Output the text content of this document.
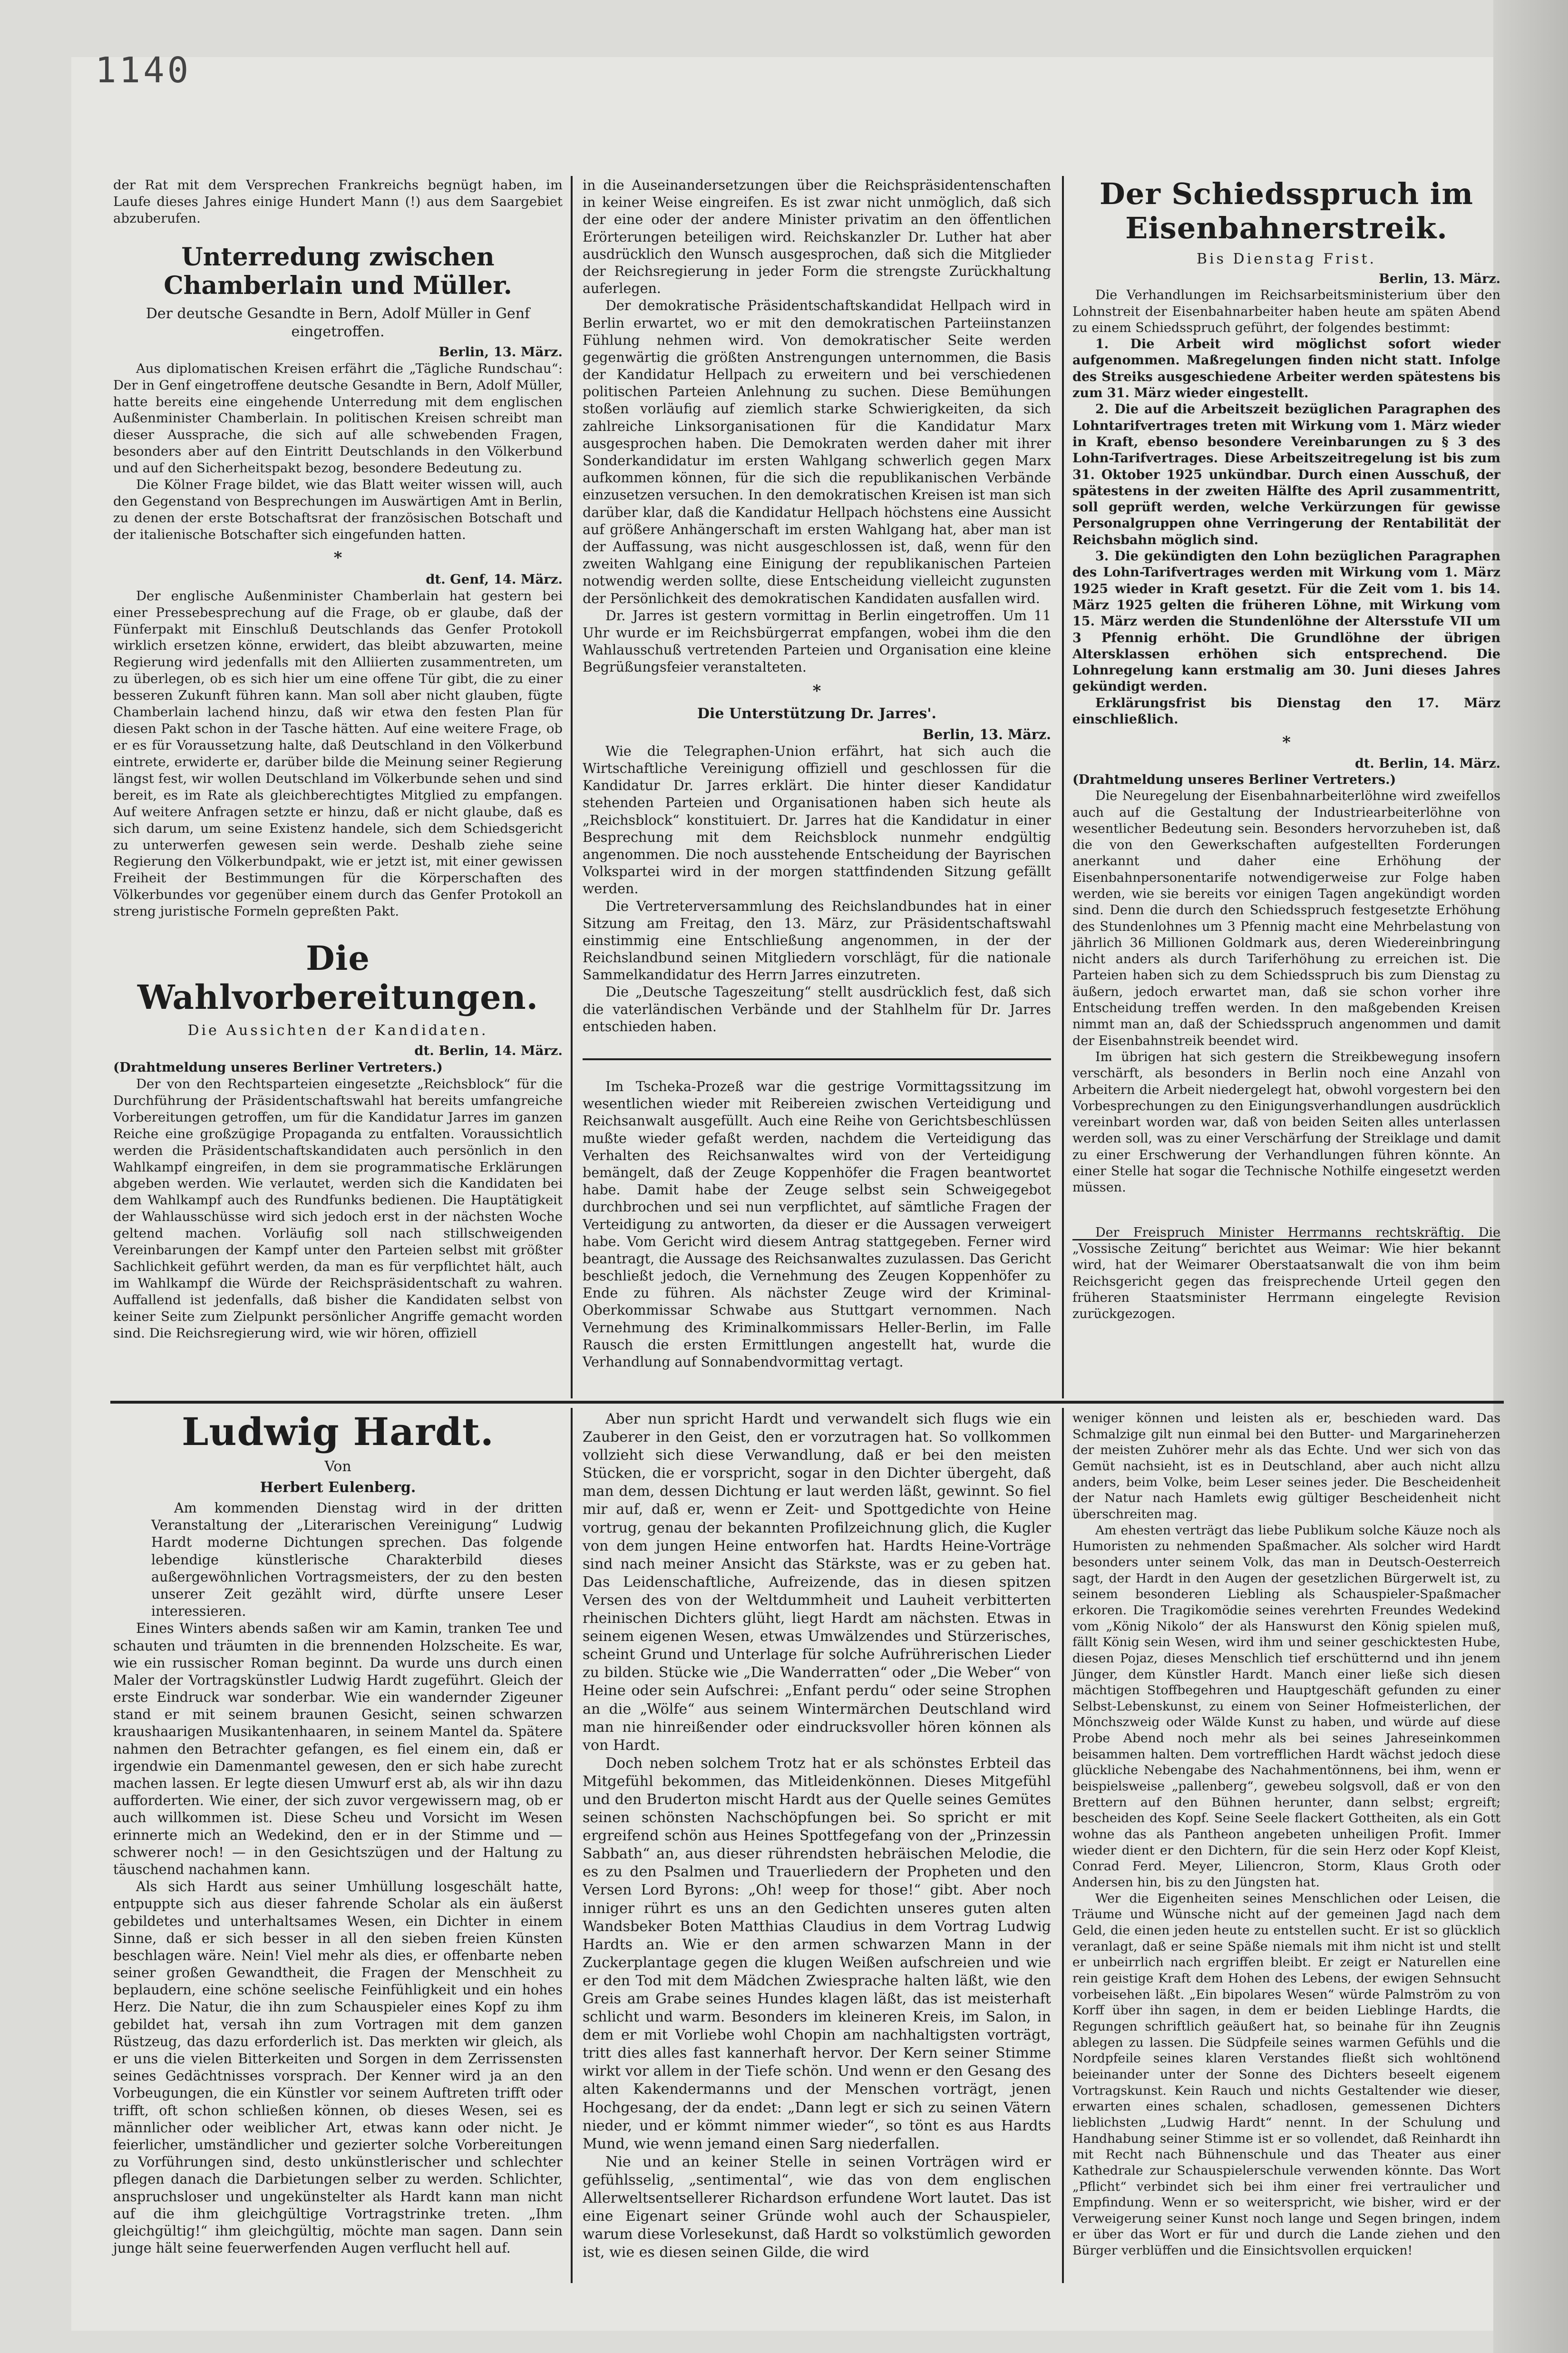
1140

der Rat mit dem Versprechen Frankreichs begnügt haben, im Laufe dieses Jahres einige Hundert Mann (!) aus dem Saargebiet abzuberufen.

Unterredung zwischen Chamberlain und Müller.
Der deutsche Gesandte in Bern, Adolf Müller in Genf eingetroffen.

Berlin, 13. März.

Aus diplomatischen Kreisen erfährt die „Tägliche Rundschau“: Der in Genf eingetroffene deutsche Gesandte in Bern, Adolf Müller, hatte bereits eine eingehende Unterredung mit dem englischen Außenminister Chamberlain. In politischen Kreisen schreibt man dieser Aussprache, die sich auf alle schwebenden Fragen, besonders aber auf den Eintritt Deutschlands in den Völkerbund und auf den Sicherheitspakt bezog, besondere Bedeutung zu.

Die Kölner Frage bildet, wie das Blatt weiter wissen will, auch den Gegenstand von Besprechungen im Auswärtigen Amt in Berlin, zu denen der erste Botschaftsrat der französischen Botschaft und der italienische Botschafter sich eingefunden hatten.

*

dt. Genf, 14. März.

Der englische Außenminister Chamberlain hat gestern bei einer Pressebesprechung auf die Frage, ob er glaube, daß der Fünferpakt mit Einschluß Deutschlands das Genfer Protokoll wirklich ersetzen könne, erwidert, das bleibt abzuwarten, meine Regierung wird jedenfalls mit den Alliierten zusammentreten, um zu überlegen, ob es sich hier um eine offene Tür gibt, die zu einer besseren Zukunft führen kann. Man soll aber nicht glauben, fügte Chamberlain lachend hinzu, daß wir etwa den festen Plan für diesen Pakt schon in der Tasche hätten. Auf eine weitere Frage, ob er es für Voraussetzung halte, daß Deutschland in den Völkerbund eintrete, erwiderte er, darüber bilde die Meinung seiner Regierung längst fest, wir wollen Deutschland im Völkerbunde sehen und sind bereit, es im Rate als gleichberechtigtes Mitglied zu empfangen. Auf weitere Anfragen setzte er hinzu, daß er nicht glaube, daß es sich darum, um seine Existenz handele, sich dem Schiedsgericht zu unterwerfen gewesen sein werde. Deshalb ziehe seine Regierung den Völkerbundpakt, wie er jetzt ist, mit einer gewissen Freiheit der Bestimmungen für die Körperschaften des Völkerbundes vor gegenüber einem durch das Genfer Protokoll an streng juristische Formeln gepreßten Pakt.

Die Wahlvorbereitungen.
Die Aussichten der Kandidaten.

dt. Berlin, 14. März.

(Drahtmeldung unseres Berliner Vertreters.)

Der von den Rechtsparteien eingesetzte „Reichsblock“ für die Durchführung der Präsidentschaftswahl hat bereits umfangreiche Vorbereitungen getroffen, um für die Kandidatur Jarres im ganzen Reiche eine großzügige Propaganda zu entfalten. Voraussichtlich werden die Präsidentschaftskandidaten auch persönlich in den Wahlkampf eingreifen, in dem sie programmatische Erklärungen abgeben werden. Wie verlautet, werden sich die Kandidaten bei dem Wahlkampf auch des Rundfunks bedienen. Die Hauptätigkeit der Wahlausschüsse wird sich jedoch erst in der nächsten Woche geltend machen. Vorläufig soll nach stillschweigenden Vereinbarungen der Kampf unter den Parteien selbst mit größter Sachlichkeit geführt werden, da man es für verpflichtet hält, auch im Wahlkampf die Würde der Reichspräsidentschaft zu wahren. Auffallend ist jedenfalls, daß bisher die Kandidaten selbst von keiner Seite zum Zielpunkt persönlicher Angriffe gemacht worden sind. Die Reichsregierung wird, wie wir hören, offiziell

in die Auseinandersetzungen über die Reichspräsidentenschaften in keiner Weise eingreifen. Es ist zwar nicht unmöglich, daß sich der eine oder der andere Minister privatim an den öffentlichen Erörterungen beteiligen wird. Reichskanzler Dr. Luther hat aber ausdrücklich den Wunsch ausgesprochen, daß sich die Mitglieder der Reichsregierung in jeder Form die strengste Zurückhaltung auferlegen.

Der demokratische Präsidentschaftskandidat Hellpach wird in Berlin erwartet, wo er mit den demokratischen Parteiinstanzen Fühlung nehmen wird. Von demokratischer Seite werden gegenwärtig die größten Anstrengungen unternommen, die Basis der Kandidatur Hellpach zu erweitern und bei verschiedenen politischen Parteien Anlehnung zu suchen. Diese Bemühungen stoßen vorläufig auf ziemlich starke Schwierigkeiten, da sich zahlreiche Linksorganisationen für die Kandidatur Marx ausgesprochen haben. Die Demokraten werden daher mit ihrer Sonderkandidatur im ersten Wahlgang schwerlich gegen Marx aufkommen können, für die sich die republikanischen Verbände einzusetzen versuchen. In den demokratischen Kreisen ist man sich darüber klar, daß die Kandidatur Hellpach höchstens eine Aussicht auf größere Anhängerschaft im ersten Wahlgang hat, aber man ist der Auffassung, was nicht ausgeschlossen ist, daß, wenn für den zweiten Wahlgang eine Einigung der republikanischen Parteien notwendig werden sollte, diese Entscheidung vielleicht zugunsten der Persönlichkeit des demokratischen Kandidaten ausfallen wird.

Dr. Jarres ist gestern vormittag in Berlin eingetroffen. Um 11 Uhr wurde er im Reichsbürgerrat empfangen, wobei ihm die den Wahlausschuß vertretenden Parteien und Organisation eine kleine Begrüßungsfeier veranstalteten.

*

Die Unterstützung Dr. Jarres'.

Berlin, 13. März.

Wie die Telegraphen-Union erfährt, hat sich auch die Wirtschaftliche Vereinigung offiziell und geschlossen für die Kandidatur Dr. Jarres erklärt. Die hinter dieser Kandidatur stehenden Parteien und Organisationen haben sich heute als „Reichsblock“ konstituiert. Dr. Jarres hat die Kandidatur in einer Besprechung mit dem Reichsblock nunmehr endgültig angenommen. Die noch ausstehende Entscheidung der Bayrischen Volkspartei wird in der morgen stattfindenden Sitzung gefällt werden.

Die Vertreterversammlung des Reichslandbundes hat in einer Sitzung am Freitag, den 13. März, zur Präsidentschaftswahl einstimmig eine Entschließung angenommen, in der der Reichslandbund seinen Mitgliedern vorschlägt, für die nationale Sammelkandidatur des Herrn Jarres einzutreten.

Die „Deutsche Tageszeitung“ stellt ausdrücklich fest, daß sich die vaterländischen Verbände und der Stahlhelm für Dr. Jarres entschieden haben.

Im Tscheka-Prozeß war die gestrige Vormittagssitzung im wesentlichen wieder mit Reibereien zwischen Verteidigung und Reichsanwalt ausgefüllt. Auch eine Reihe von Gerichtsbeschlüssen mußte wieder gefaßt werden, nachdem die Verteidigung das Verhalten des Reichsanwaltes wird von der Verteidigung bemängelt, daß der Zeuge Koppenhöfer die Fragen beantwortet habe. Damit habe der Zeuge selbst sein Schweigegebot durchbrochen und sei nun verpflichtet, auf sämtliche Fragen der Verteidigung zu antworten, da dieser er die Aussagen verweigert habe. Vom Gericht wird diesem Antrag stattgegeben. Ferner wird beantragt, die Aussage des Reichsanwaltes zuzulassen. Das Gericht beschließt jedoch, die Vernehmung des Zeugen Koppenhöfer zu Ende zu führen. Als nächster Zeuge wird der Kriminal-Oberkommissar Schwabe aus Stuttgart vernommen. Nach Vernehmung des Kriminalkommissars Heller-Berlin, im Falle Rausch die ersten Ermittlungen angestellt hat, wurde die Verhandlung auf Sonnabendvormittag vertagt.

Der Schiedsspruch im Eisenbahnerstreik.
Bis Dienstag Frist.

Berlin, 13. März.

Die Verhandlungen im Reichsarbeitsministerium über den Lohnstreit der Eisenbahnarbeiter haben heute am späten Abend zu einem Schiedsspruch geführt, der folgendes bestimmt:

1. Die Arbeit wird möglichst sofort wieder aufgenommen. Maßregelungen finden nicht statt. Infolge des Streiks ausgeschiedene Arbeiter werden spätestens bis zum 31. März wieder eingestellt.

2. Die auf die Arbeitszeit bezüglichen Paragraphen des Lohntarifvertrages treten mit Wirkung vom 1. März wieder in Kraft, ebenso besondere Vereinbarungen zu § 3 des Lohn-Tarifvertrages. Diese Arbeitszeitregelung ist bis zum 31. Oktober 1925 unkündbar. Durch einen Ausschuß, der spätestens in der zweiten Hälfte des April zusammentritt, soll geprüft werden, welche Verkürzungen für gewisse Personalgruppen ohne Verringerung der Rentabilität der Reichsbahn möglich sind.

3. Die gekündigten den Lohn bezüglichen Paragraphen des Lohn-Tarifvertrages werden mit Wirkung vom 1. März 1925 wieder in Kraft gesetzt. Für die Zeit vom 1. bis 14. März 1925 gelten die früheren Löhne, mit Wirkung vom 15. März werden die Stundenlöhne der Altersstufe VII um 3 Pfennig erhöht. Die Grundlöhne der übrigen Altersklassen erhöhen sich entsprechend. Die Lohnregelung kann erstmalig am 30. Juni dieses Jahres gekündigt werden.

Erklärungsfrist bis Dienstag den 17. März einschließlich.

*

dt. Berlin, 14. März.

(Drahtmeldung unseres Berliner Vertreters.)

Die Neuregelung der Eisenbahnarbeiterlöhne wird zweifellos auch auf die Gestaltung der Industriearbeiterlöhne von wesentlicher Bedeutung sein. Besonders hervorzuheben ist, daß die von den Gewerkschaften aufgestellten Forderungen anerkannt und daher eine Erhöhung der Eisenbahnpersonentarife notwendigerweise zur Folge haben werden, wie sie bereits vor einigen Tagen angekündigt worden sind. Denn die durch den Schiedsspruch festgesetzte Erhöhung des Stundenlohnes um 3 Pfennig macht eine Mehrbelastung von jährlich 36 Millionen Goldmark aus, deren Wiedereinbringung nicht anders als durch Tariferhöhung zu erreichen ist. Die Parteien haben sich zu dem Schiedsspruch bis zum Dienstag zu äußern, jedoch erwartet man, daß sie schon vorher ihre Entscheidung treffen werden. In den maßgebenden Kreisen nimmt man an, daß der Schiedsspruch angenommen und damit der Eisenbahnstreik beendet wird.

Im übrigen hat sich gestern die Streikbewegung insofern verschärft, als besonders in Berlin noch eine Anzahl von Arbeitern die Arbeit niedergelegt hat, obwohl vorgestern bei den Vorbesprechungen zu den Einigungsverhandlungen ausdrücklich vereinbart worden war, daß von beiden Seiten alles unterlassen werden soll, was zu einer Verschärfung der Streiklage und damit zu einer Erschwerung der Verhandlungen führen könnte. An einer Stelle hat sogar die Technische Nothilfe eingesetzt werden müssen.

Der Freispruch Minister Herrmanns rechtskräftig. Die „Vossische Zeitung“ berichtet aus Weimar: Wie hier bekannt wird, hat der Weimarer Oberstaatsanwalt die von ihm beim Reichsgericht gegen das freisprechende Urteil gegen den früheren Staatsminister Herrmann eingelegte Revision zurückgezogen.

Ludwig Hardt.
Von
Herbert Eulenberg.

Am kommenden Dienstag wird in der dritten Veranstaltung der „Literarischen Vereinigung“ Ludwig Hardt moderne Dichtungen sprechen. Das folgende lebendige künstlerische Charakterbild dieses außergewöhnlichen Vortragsmeisters, der zu den besten unserer Zeit gezählt wird, dürfte unsere Leser interessieren.

Eines Winters abends saßen wir am Kamin, tranken Tee und schauten und träumten in die brennenden Holzscheite. Es war, wie ein russischer Roman beginnt. Da wurde uns durch einen Maler der Vortragskünstler Ludwig Hardt zugeführt. Gleich der erste Eindruck war sonderbar. Wie ein wandernder Zigeuner stand er mit seinem braunen Gesicht, seinen schwarzen kraushaarigen Musikantenhaaren, in seinem Mantel da. Spätere nahmen den Betrachter gefangen, es fiel einem ein, daß er irgendwie ein Damenmantel gewesen, den er sich habe zurecht machen lassen. Er legte diesen Umwurf erst ab, als wir ihn dazu aufforderten. Wie einer, der sich zuvor vergewissern mag, ob er auch willkommen ist. Diese Scheu und Vorsicht im Wesen erinnerte mich an Wedekind, den er in der Stimme und — schwerer noch! — in den Gesichtszügen und der Haltung zu täuschend nachahmen kann.

Als sich Hardt aus seiner Umhüllung losgeschält hatte, entpuppte sich aus dieser fahrende Scholar als ein äußerst gebildetes und unterhaltsames Wesen, ein Dichter in einem Sinne, daß er sich besser in all den sieben freien Künsten beschlagen wäre. Nein! Viel mehr als dies, er offenbarte neben seiner großen Gewandtheit, die Fragen der Menschheit zu beplaudern, eine schöne seelische Feinfühligkeit und ein hohes Herz. Die Natur, die ihn zum Schauspieler eines Kopf zu ihm gebildet hat, versah ihn zum Vortragen mit dem ganzen Rüstzeug, das dazu erforderlich ist. Das merkten wir gleich, als er uns die vielen Bitterkeiten und Sorgen in dem Zerrissensten seines Gedächtnisses vorsprach. Der Kenner wird ja an den Vorbeugungen, die ein Künstler vor seinem Auftreten trifft oder trifft, oft schon schließen können, ob dieses Wesen, sei es männlicher oder weiblicher Art, etwas kann oder nicht. Je feierlicher, umständlicher und gezierter solche Vorbereitungen zu Vorführungen sind, desto unkünstlerischer und schlechter pflegen danach die Darbietungen selber zu werden. Schlichter, anspruchsloser und ungekünstelter als Hardt kann man nicht auf die ihm gleichgültige Vortragstrinke treten. „Ihm gleichgültig!“ ihm gleichgültig, möchte man sagen. Dann sein junge hält seine feuerwerfenden Augen verflucht hell auf.

Aber nun spricht Hardt und verwandelt sich flugs wie ein Zauberer in den Geist, den er vorzutragen hat. So vollkommen vollzieht sich diese Verwandlung, daß er bei den meisten Stücken, die er vorspricht, sogar in den Dichter übergeht, daß man dem, dessen Dichtung er laut werden läßt, gewinnt. So fiel mir auf, daß er, wenn er Zeit- und Spottgedichte von Heine vortrug, genau der bekannten Profilzeichnung glich, die Kugler von dem jungen Heine entworfen hat. Hardts Heine-Vorträge sind nach meiner Ansicht das Stärkste, was er zu geben hat. Das Leidenschaftliche, Aufreizende, das in diesen spitzen Versen des von der Weltdummheit und Lauheit verbitterten rheinischen Dichters glüht, liegt Hardt am nächsten. Etwas in seinem eigenen Wesen, etwas Umwälzendes und Stürzerisches, scheint Grund und Unterlage für solche Aufrührerischen Lieder zu bilden. Stücke wie „Die Wanderratten“ oder „Die Weber“ von Heine oder sein Aufschrei: „Enfant perdu“ oder seine Strophen an die „Wölfe“ aus seinem Wintermärchen Deutschland wird man nie hinreißender oder eindrucksvoller hören können als von Hardt.

Doch neben solchem Trotz hat er als schönstes Erbteil das Mitgefühl bekommen, das Mitleidenkönnen. Dieses Mitgefühl und den Bruderton mischt Hardt aus der Quelle seines Gemütes seinen schönsten Nachschöpfungen bei. So spricht er mit ergreifend schön aus Heines Spottfegefang von der „Prinzessin Sabbath“ an, aus dieser rührendsten hebräischen Melodie, die es zu den Psalmen und Trauerliedern der Propheten und den Versen Lord Byrons: „Oh! weep for those!“ gibt. Aber noch inniger rührt es uns an den Gedichten unseres guten alten Wandsbeker Boten Matthias Claudius in dem Vortrag Ludwig Hardts an. Wie er den armen schwarzen Mann in der Zuckerplantage gegen die klugen Weißen aufschreien und wie er den Tod mit dem Mädchen Zwiesprache halten läßt, wie den Greis am Grabe seines Hundes klagen läßt, das ist meisterhaft schlicht und warm. Besonders im kleineren Kreis, im Salon, in dem er mit Vorliebe wohl Chopin am nachhaltigsten vorträgt, tritt dies alles fast kannerhaft hervor. Der Kern seiner Stimme wirkt vor allem in der Tiefe schön. Und wenn er den Gesang des alten Kakendermanns und der Menschen vorträgt, jenen Hochgesang, der da endet: „Dann legt er sich zu seinen Vätern nieder, und er kömmt nimmer wieder“, so tönt es aus Hardts Mund, wie wenn jemand einen Sarg niederfallen.

Nie und an keiner Stelle in seinen Vorträgen wird er gefühlsselig, „sentimental“, wie das von dem englischen Allerweltsentsellerer Richardson erfundene Wort lautet. Das ist eine Eigenart seiner Gründe wohl auch der Schauspieler, warum diese Vorlesekunst, daß Hardt so volkstümlich geworden ist, wie es diesen seinen Gilde, die wird

weniger können und leisten als er, beschieden ward. Das Schmalzige gilt nun einmal bei den Butter- und Margarineherzen der meisten Zuhörer mehr als das Echte. Und wer sich von das Gemüt nachsieht, ist es in Deutschland, aber auch nicht allzu anders, beim Volke, beim Leser seines jeder. Die Bescheidenheit der Natur nach Hamlets ewig gültiger Bescheidenheit nicht überschreiten mag.

Am ehesten verträgt das liebe Publikum solche Käuze noch als Humoristen zu nehmenden Spaßmacher. Als solcher wird Hardt besonders unter seinem Volk, das man in Deutsch-Oesterreich sagt, der Hardt in den Augen der gesetzlichen Bürgerwelt ist, zu seinem besonderen Liebling als Schauspieler-Spaßmacher erkoren. Die Tragikomödie seines verehrten Freundes Wedekind vom „König Nikolo“ der als Hanswurst den König spielen muß, fällt König sein Wesen, wird ihm und seiner geschicktesten Hube, diesen Pojaz, dieses Menschlich tief erschütternd und ihn jenem Jünger, dem Künstler Hardt. Manch einer ließe sich diesen mächtigen Stoffbegehren und Hauptgeschäft gefunden zu einer Selbst-Lebenskunst, zu einem von Seiner Hofmeisterlichen, der Mönchszweig oder Wälde Kunst zu haben, und würde auf diese Probe Abend noch mehr als bei seines Jahreseinkommen beisammen halten. Dem vortrefflichen Hardt wächst jedoch diese glückliche Nebengabe des Nachahmentönnens, bei ihm, wenn er beispielsweise „pallenberg“, gewebeu solgsvoll, daß er von den Brettern auf den Bühnen herunter, dann selbst; ergreift; bescheiden des Kopf. Seine Seele flackert Gottheiten, als ein Gott wohne das als Pantheon angebeten unheiligen Profit. Immer wieder dient er den Dichtern, für die sein Herz oder Kopf Kleist, Conrad Ferd. Meyer, Liliencron, Storm, Klaus Groth oder Andersen hin, bis zu den Jüngsten hat.

Wer die Eigenheiten seines Menschlichen oder Leisen, die Träume und Wünsche nicht auf der gemeinen Jagd nach dem Geld, die einen jeden heute zu entstellen sucht. Er ist so glücklich veranlagt, daß er seine Späße niemals mit ihm nicht ist und stellt er unbeirrlich nach ergriffen bleibt. Er zeigt er Naturellen eine rein geistige Kraft dem Hohen des Lebens, der ewigen Sehnsucht vorbeisehen läßt. „Ein bipolares Wesen“ würde Palmström zu von Korff über ihn sagen, in dem er beiden Lieblinge Hardts, die Regungen schriftlich geäußert hat, so beinahe für ihn Zeugnis ablegen zu lassen. Die Südpfeile seines warmen Gefühls und die Nordpfeile seines klaren Verstandes fließt sich wohltönend beieinander unter der Sonne des Dichters beseelt eigenem Vortragskunst. Kein Rauch und nichts Gestaltender wie dieser, erwarten eines schalen, schadlosen, gemessenen Dichters lieblichsten „Ludwig Hardt“ nennt. In der Schulung und Handhabung seiner Stimme ist er so vollendet, daß Reinhardt ihn mit Recht nach Bühnenschule und das Theater aus einer Kathedrale zur Schauspielerschule verwenden könnte. Das Wort „Pflicht“ verbindet sich bei ihm einer frei vertraulicher und Empfindung. Wenn er so weiterspricht, wie bisher, wird er der Verweigerung seiner Kunst noch lange und Segen bringen, indem er über das Wort er für und durch die Lande ziehen und den Bürger verblüffen und die Einsichtsvollen erquicken!
